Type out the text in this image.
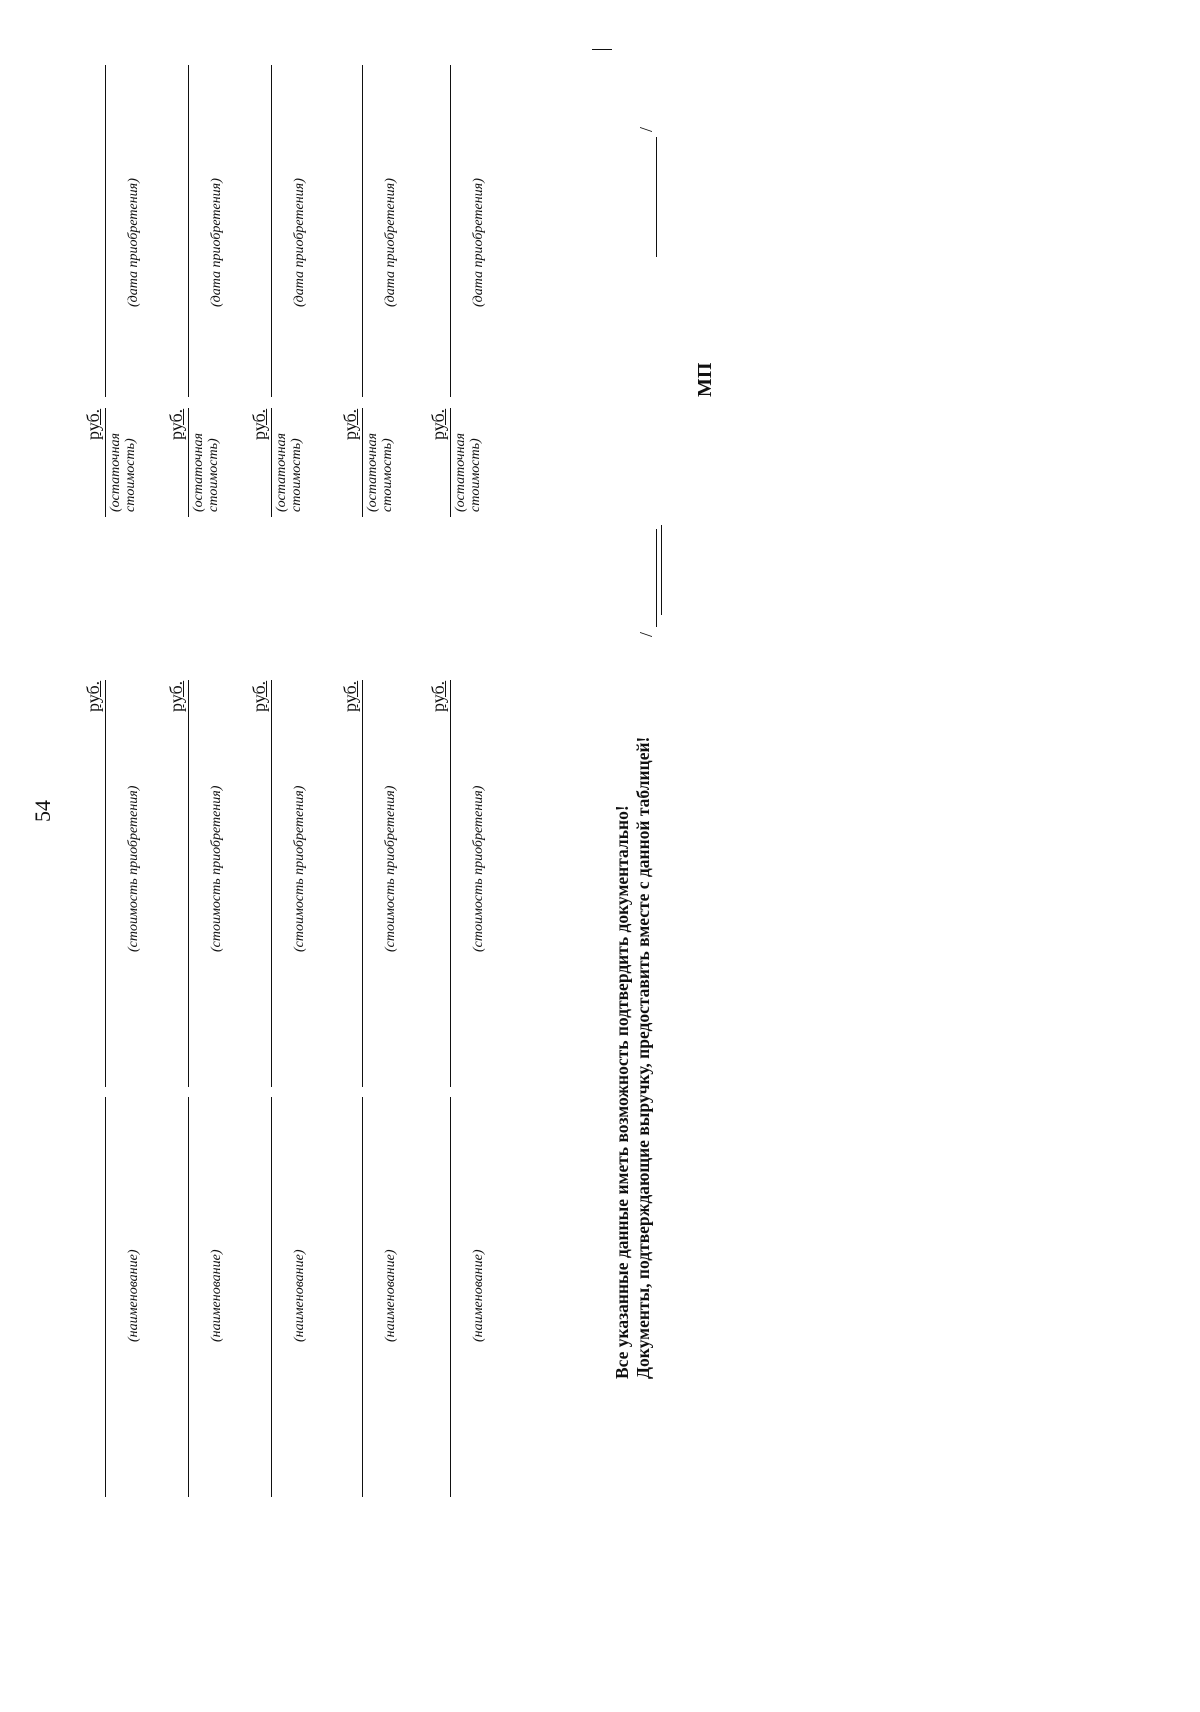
54
(наименование)
(стоимость приобретения)
руб.
(остаточная стоимость)
руб.
(дата приобретения)
(наименование)
(стоимость приобретения)
руб.
(остаточная стоимость)
руб.
(дата приобретения)
(наименование)
(стоимость приобретения)
руб.
(остаточная стоимость)
руб.
(дата приобретения)
(наименование)
(стоимость приобретения)
руб.
(остаточная стоимость)
руб.
(дата приобретения)
(наименование)
(стоимость приобретения)
руб.
(остаточная стоимость)
руб.
(дата приобретения)
Все указанные данные иметь возможность подтвердить документально! Документы, подтверждающие выручку, предоставить вместе с данной таблицей!
/
/
МП
